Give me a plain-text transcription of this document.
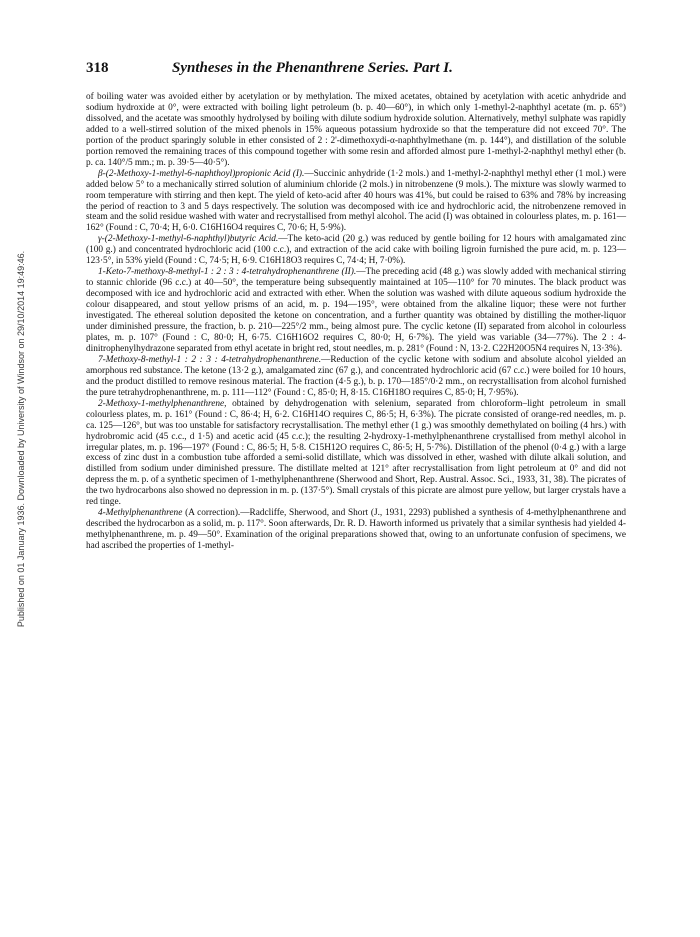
Published on 01 January 1936. Downloaded by University of Windsor on 29/10/2014 19:49:46.
318	Syntheses in the Phenanthrene Series. Part I.

of boiling water was avoided either by acetylation or by methylation. The mixed acetates, obtained by acetylation with acetic anhydride and sodium hydroxide at 0°, were extracted with boiling light petroleum (b. p. 40—60°), in which only 1-methyl-2-naphthyl acetate (m. p. 65°) dissolved, and the acetate was smoothly hydrolysed by boiling with dilute sodium hydroxide solution. Alternatively, methyl sulphate was rapidly added to a well-stirred solution of the mixed phenols in 15% aqueous potassium hydroxide so that the temperature did not exceed 70°. The portion of the product sparingly soluble in ether consisted of 2 : 2'-dimethoxydi-α-naphthylmethane (m. p. 144°), and distillation of the soluble portion removed the remaining traces of this compound together with some resin and afforded almost pure 1-methyl-2-naphthyl methyl ether (b. p. ca. 140°/5 mm.; m. p. 39·5—40·5°).

β-(2-Methoxy-1-methyl-6-naphthoyl)propionic Acid (I).—Succinic anhydride (1·2 mols.) and 1-methyl-2-naphthyl methyl ether (1 mol.) were added below 5° to a mechanically stirred solution of aluminium chloride (2 mols.) in nitrobenzene (9 mols.). The mixture was slowly warmed to room temperature with stirring and then kept. The yield of keto-acid after 40 hours was 41%, but could be raised to 63% and 78% by increasing the period of reaction to 3 and 5 days respectively. The solution was decomposed with ice and hydrochloric acid, the nitrobenzene removed in steam and the solid residue washed with water and recrystallised from methyl alcohol. The acid (I) was obtained in colourless plates, m. p. 161—162° (Found : C, 70·4; H, 6·0. C16H16O4 requires C, 70·6; H, 5·9%).

γ-(2-Methoxy-1-methyl-6-naphthyl)butyric Acid.—The keto-acid (20 g.) was reduced by gentle boiling for 12 hours with amalgamated zinc (100 g.) and concentrated hydrochloric acid (100 c.c.), and extraction of the acid cake with boiling ligroin furnished the pure acid, m. p. 123—123·5°, in 53% yield (Found : C, 74·5; H, 6·9. C16H18O3 requires C, 74·4; H, 7·0%).

1-Keto-7-methoxy-8-methyl-1 : 2 : 3 : 4-tetrahydrophenanthrene (II).—The preceding acid (48 g.) was slowly added with mechanical stirring to stannic chloride (96 c.c.) at 40—50°, the temperature being subsequently maintained at 105—110° for 70 minutes. The black product was decomposed with ice and hydrochloric acid and extracted with ether. When the solution was washed with dilute aqueous sodium hydroxide the colour disappeared, and stout yellow prisms of an acid, m. p. 194—195°, were obtained from the alkaline liquor; these were not further investigated. The ethereal solution deposited the ketone on concentration, and a further quantity was obtained by distilling the mother-liquor under diminished pressure, the fraction, b. p. 210—225°/2 mm., being almost pure. The cyclic ketone (II) separated from alcohol in colourless plates, m. p. 107° (Found : C, 80·0; H, 6·75. C16H16O2 requires C, 80·0; H, 6·7%). The yield was variable (34—77%). The 2 : 4-dinitrophenylhydrazone separated from ethyl acetate in bright red, stout needles, m. p. 281° (Found : N, 13·2. C22H20O5N4 requires N, 13·3%).

7-Methoxy-8-methyl-1 : 2 : 3 : 4-tetrahydrophenanthrene.—Reduction of the cyclic ketone with sodium and absolute alcohol yielded an amorphous red substance. The ketone (13·2 g.), amalgamated zinc (67 g.), and concentrated hydrochloric acid (67 c.c.) were boiled for 10 hours, and the product distilled to remove resinous material. The fraction (4·5 g.), b. p. 170—185°/0·2 mm., on recrystallisation from alcohol furnished the pure tetrahydrophenanthrene, m. p. 111—112° (Found : C, 85·0; H, 8·15. C16H18O requires C, 85·0; H, 7·95%).

2-Methoxy-1-methylphenanthrene, obtained by dehydrogenation with selenium, separated from chloroform–light petroleum in small colourless plates, m. p. 161° (Found : C, 86·4; H, 6·2. C16H14O requires C, 86·5; H, 6·3%). The picrate consisted of orange-red needles, m. p. ca. 125—126°, but was too unstable for satisfactory recrystallisation. The methyl ether (1 g.) was smoothly demethylated on boiling (4 hrs.) with hydrobromic acid (45 c.c., d 1·5) and acetic acid (45 c.c.); the resulting 2-hydroxy-1-methylphenanthrene crystallised from methyl alcohol in irregular plates, m. p. 196—197° (Found : C, 86·5; H, 5·8. C15H12O requires C, 86·5; H, 5·7%). Distillation of the phenol (0·4 g.) with a large excess of zinc dust in a combustion tube afforded a semi-solid distillate, which was dissolved in ether, washed with dilute alkali solution, and distilled from sodium under diminished pressure. The distillate melted at 121° after recrystallisation from light petroleum at 0° and did not depress the m. p. of a synthetic specimen of 1-methylphenanthrene (Sherwood and Short, Rep. Austral. Assoc. Sci., 1933, 31, 38). The picrates of the two hydrocarbons also showed no depression in m. p. (137·5°). Small crystals of this picrate are almost pure yellow, but larger crystals have a red tinge.

4-Methylphenanthrene (A correction).—Radcliffe, Sherwood, and Short (J., 1931, 2293) published a synthesis of 4-methylphenanthrene and described the hydrocarbon as a solid, m. p. 117°. Soon afterwards, Dr. R. D. Haworth informed us privately that a similar synthesis had yielded 4-methylphenanthrene, m. p. 49—50°. Examination of the original preparations showed that, owing to an unfortunate confusion of specimens, we had ascribed the properties of 1-methyl-
